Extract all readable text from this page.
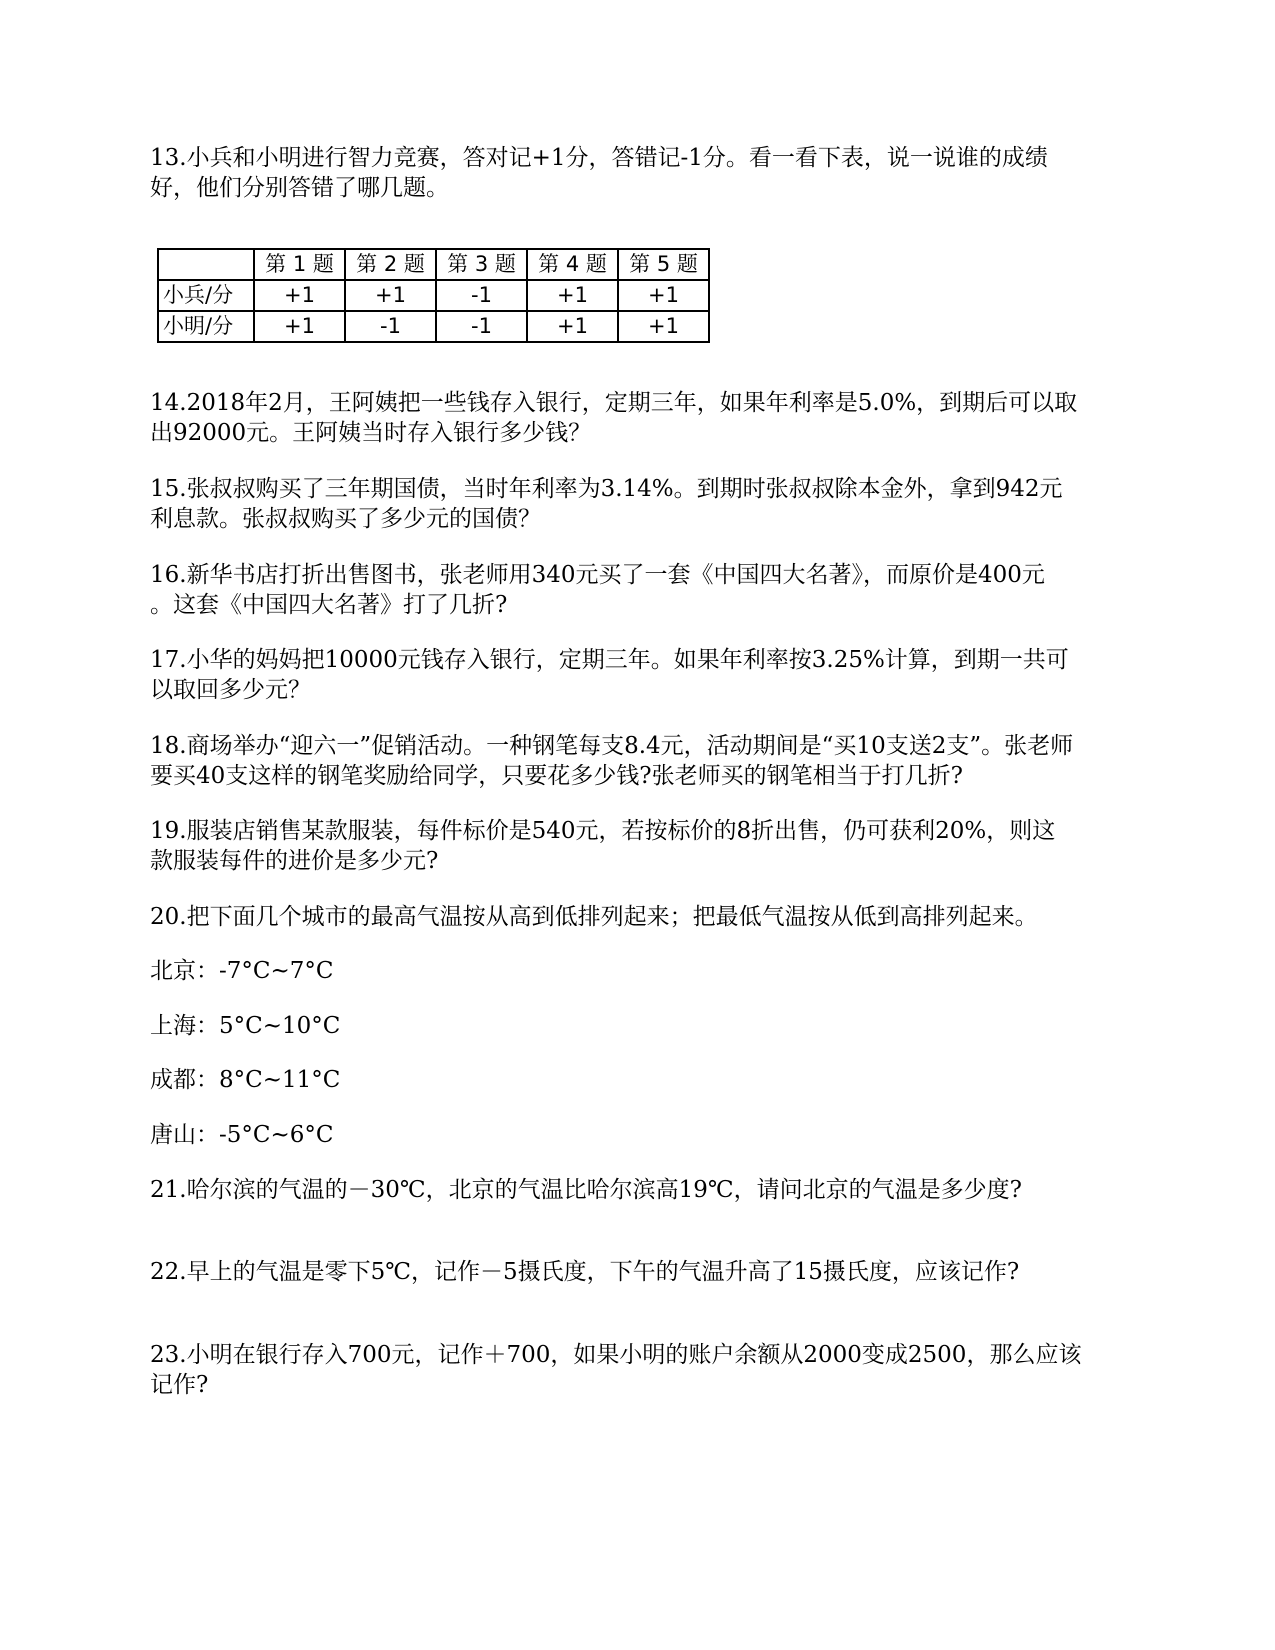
13.小兵和小明进行智力竞赛，答对记+1分，答错记-1分。看一看下表，说一说谁的成绩
好，他们分别答错了哪几题。

	第 1 题	第 2 题	第 3 题	第 4 题	第 5 题
小兵/分	+1	+1	-1	+1	+1
小明/分	+1	-1	-1	+1	+1

14.2018年2月，王阿姨把一些钱存入银行，定期三年，如果年利率是5.0%，到期后可以取
出92000元。王阿姨当时存入银行多少钱？

15.张叔叔购买了三年期国债，当时年利率为3.14%。到期时张叔叔除本金外，拿到942元
利息款。张叔叔购买了多少元的国债？

16.新华书店打折出售图书，张老师用340元买了一套《中国四大名著》，而原价是400元
。这套《中国四大名著》打了几折?

17.小华的妈妈把10000元钱存入银行，定期三年。如果年利率按3.25%计算，到期一共可
以取回多少元？

18.商场举办“迎六一”促销活动。一种钢笔每支8.4元，活动期间是“买10支送2支”。张老师
要买40支这样的钢笔奖励给同学，只要花多少钱?张老师买的钢笔相当于打几折?

19.服装店销售某款服装，每件标价是540元，若按标价的8折出售，仍可获利20%，则这
款服装每件的进价是多少元?

20.把下面几个城市的最高气温按从高到低排列起来；把最低气温按从低到高排列起来。

北京：-7°C~7°C

上海：5°C~10°C

成都：8°C~11°C

唐山：-5°C~6°C

21.哈尔滨的气温的－30℃，北京的气温比哈尔滨高19℃，请问北京的气温是多少度?

22.早上的气温是零下5℃，记作－5摄氏度，下午的气温升高了15摄氏度，应该记作?

23.小明在银行存入700元，记作＋700，如果小明的账户余额从2000变成2500，那么应该
记作?
